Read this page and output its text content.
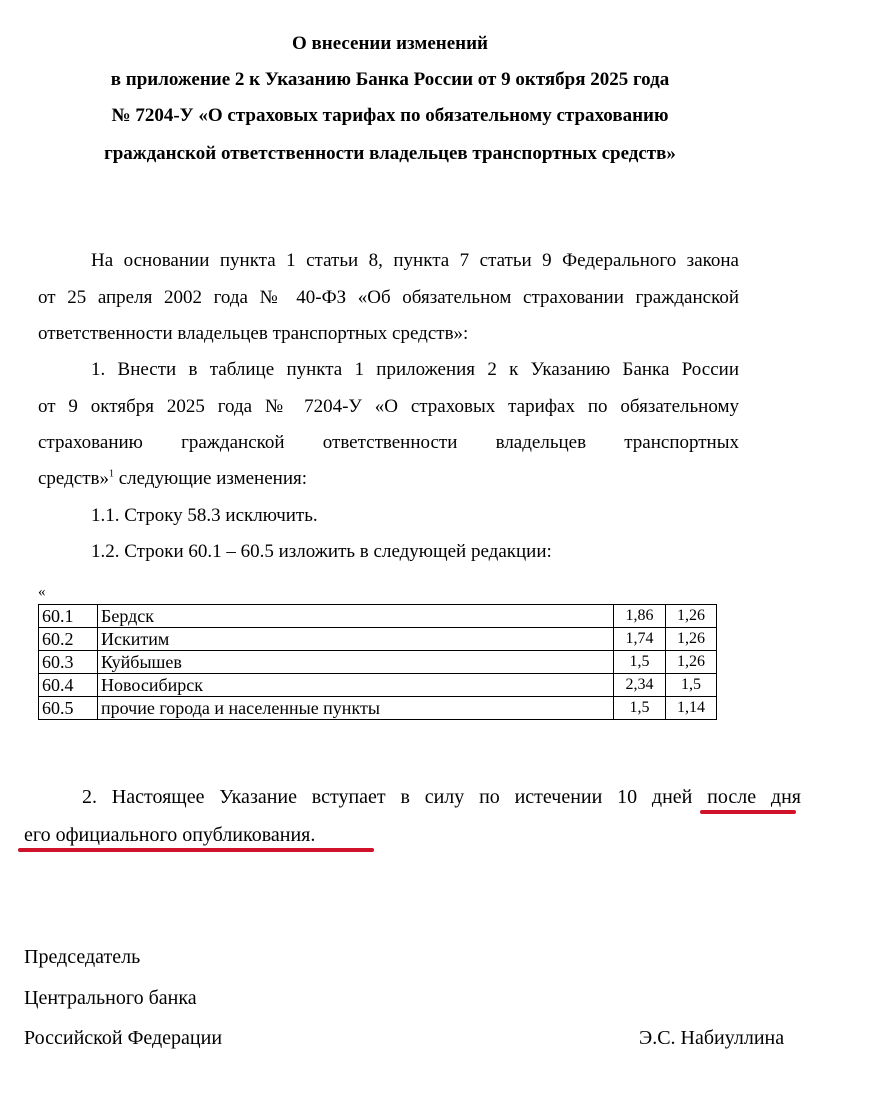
О внесении изменений
в приложение 2 к Указанию Банка России от 9 октября 2025 года
№ 7204-У «О страховых тарифах по обязательному страхованию
гражданской ответственности владельцев транспортных средств»
На основании пункта 1 статьи 8, пункта 7 статьи 9 Федерального закона
от 25 апреля 2002 года № 40-ФЗ «Об обязательном страховании гражданской
ответственности владельцев транспортных средств»:
1. Внести в таблице пункта 1 приложения 2 к Указанию Банка России
от 9 октября 2025 года № 7204-У «О страховых тарифах по обязательному
страхованию гражданской ответственности владельцев транспортных
средств»$^1$ следующие изменения:
1.1. Строку 58.3 исключить.
1.2. Строки 60.1 – 60.5 изложить в следующей редакции:
«
60.1	Бердск	1,86	1,26
60.2	Искитим	1,74	1,26
60.3	Куйбышев	1,5	1,26
60.4	Новосибирск	2,34	1,5
60.5	прочие города и населенные пункты	1,5	1,14
2. Настоящее Указание вступает в силу по истечении 10 дней после дня
его официального опубликования.
Председатель
Центрального банка
Российской Федерации	Э.С. Набиуллина
